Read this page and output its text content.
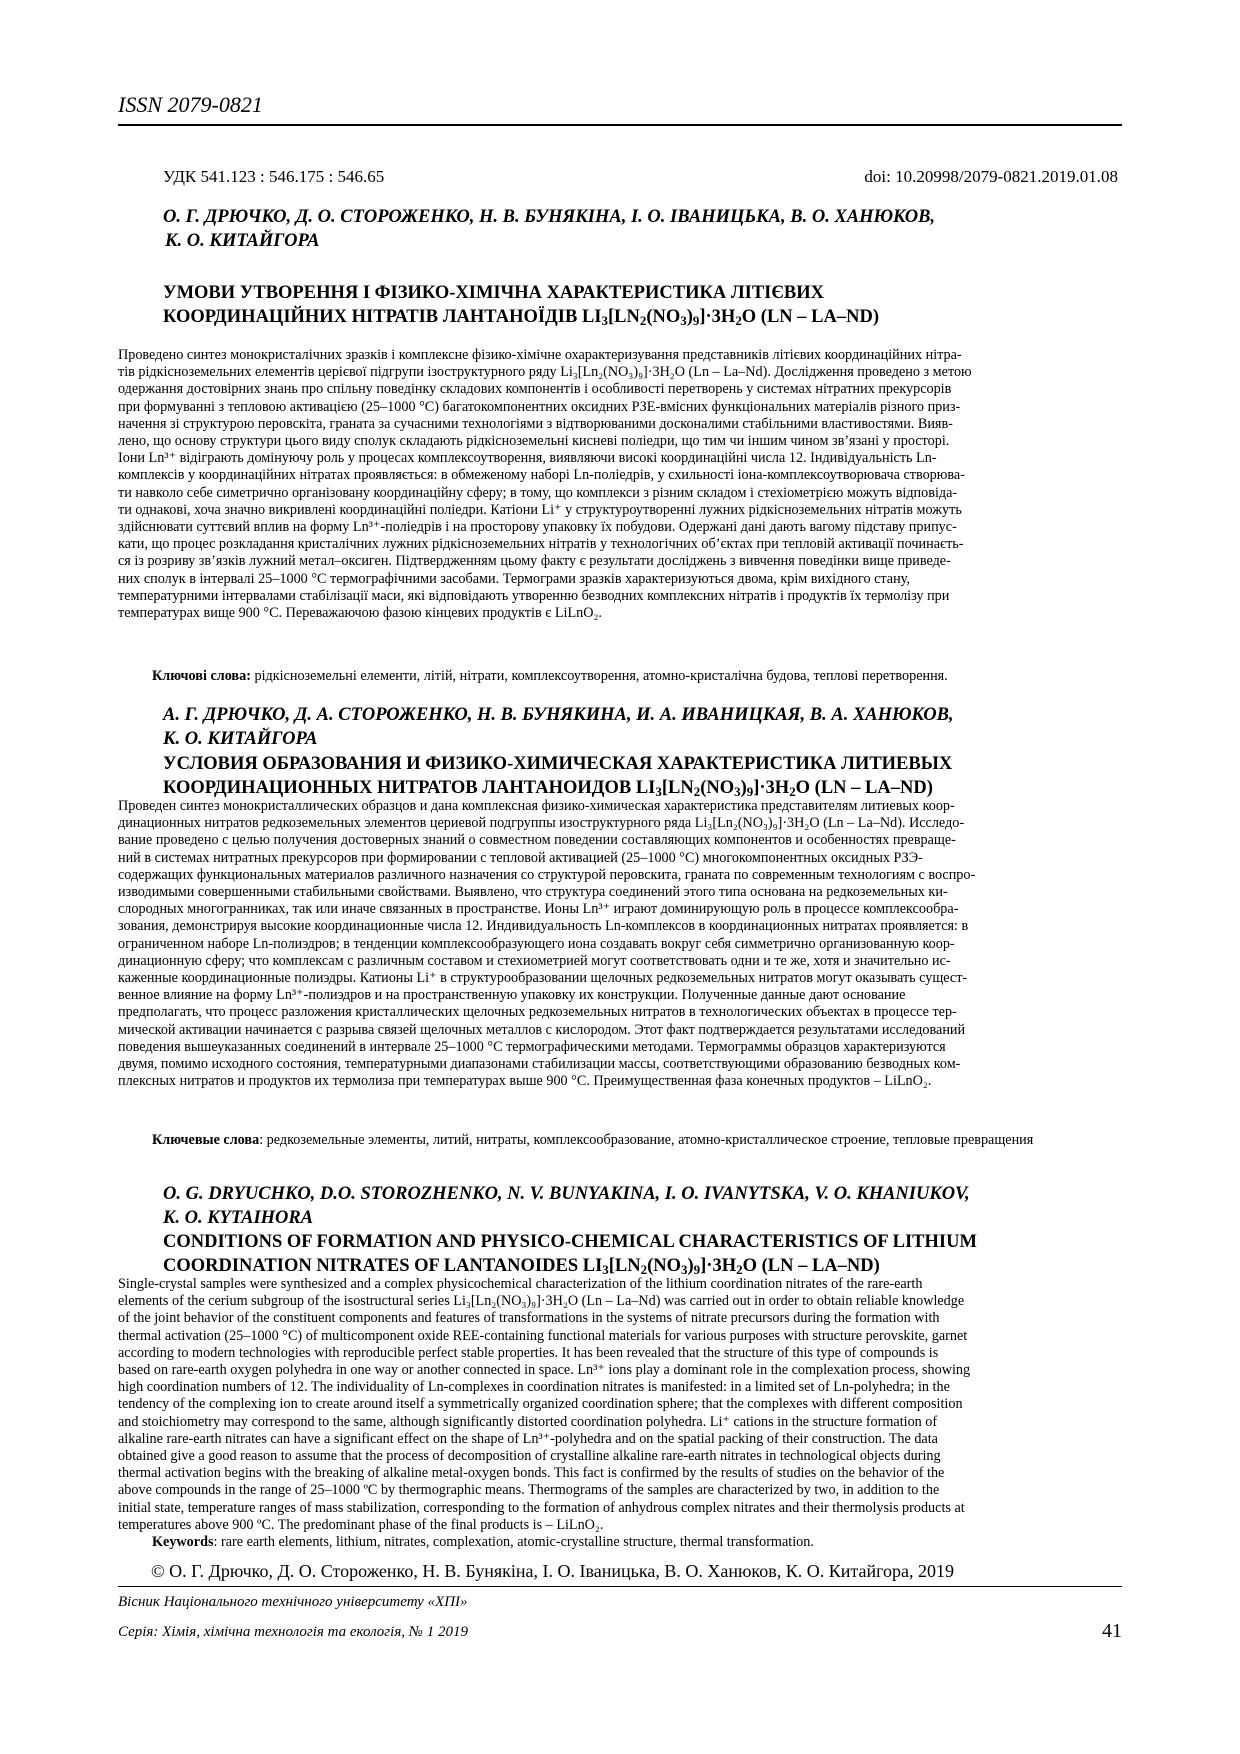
ISSN 2079-0821
УДК 541.123 : 546.175 : 546.65	doi: 10.20998/2079-0821.2019.01.08
О. Г. ДРЮЧКО, Д. О. СТОРОЖЕНКО, Н. В. БУНЯКІНА, І. О. ІВАНИЦЬКА, В. О. ХАНЮКОВ,
К. О. КИТАЙГОРА
УМОВИ УТВОРЕННЯ І ФІЗИКО-ХІМІЧНА ХАРАКТЕРИСТИКА ЛІТІЄВИХ
КООРДИНАЦІЙНИХ НІТРАТІВ ЛАНТАНОЇДІВ $LI_3[LN_2(NO_3)_9]\cdot 3H_2O$ (LN – LA–ND)

Проведено синтез монокристалічних зразків і комплексне фізико-хімічне охарактеризування представників літієвих координаційних нітра-

тів рідкісноземельних елементів церієвої підгрупи ізоструктурного ряду Li₃[Ln₂(NO₃)₉]·3H₂O (Ln – La–Nd). Дослідження проведено з метою

одержання достовірних знань про спільну поведінку складових компонентів і особливості перетворень у системах нітратних прекурсорів

при формуванні з тепловою активацією (25–1000 °С) багатокомпонентних оксидних РЗЕ-вмісних функціональних матеріалів різного приз-

начення зі структурою перовскіта, граната за сучасними технологіями з відтворюваними досконалими стабільними властивостями. Вияв-

лено, що основу структури цього виду сполук складають рідкісноземельні кисневі поліедри, що тим чи іншим чином зв’язані у просторі.

Іони Ln³⁺ відіграють домінуючу роль у процесах комплексоутворення, виявляючи високі координаційні числа 12. Індивідуальність Ln-

комплексів у координаційних нітратах проявляється: в обмеженому наборі Ln-поліедрів, у схильності іона-комплексоутворювача створюва-

ти навколо себе симетрично організовану координаційну сферу; в тому, що комплекси з різним складом і стехіометрією можуть відповіда-

ти однакові, хоча значно викривлені координаційні поліедри. Катіони Li⁺ у структуроутворенні лужних рідкісноземельних нітратів можуть

здійснювати суттєвий вплив на форму Ln³⁺-поліедрів і на просторову упаковку їх побудови. Одержані дані дають вагому підставу припус-

кати, що процес розкладання кристалічних лужних рідкісноземельних нітратів у технологічних об’єктах при тепловій активації починаєть-

ся із розриву зв’язків лужний метал–оксиген. Підтвердженням цьому факту є результати досліджень з вивчення поведінки вище приведе-

них сполук в інтервалі 25–1000 °С термографічними засобами. Термограми зразків характеризуються двома, крім вихідного стану,

температурними інтервалами стабілізації маси, які відповідають утворенню безводних комплексних нітратів і продуктів їх термолізу при

температурах вище 900 °С. Переважаючою фазою кінцевих продуктів є LiLnO₂.

Ключові слова: рідкісноземельні елементи, літій, нітрати, комплексоутворення, атомно-кристалічна будова, теплові перетворення.
А. Г. ДРЮЧКО, Д. А. СТОРОЖЕНКО, Н. В. БУНЯКИНА, И. А. ИВАНИЦКАЯ, В. А. ХАНЮКОВ,
К. О. КИТАЙГОРА
УСЛОВИЯ ОБРАЗОВАНИЯ И ФИЗИКО-ХИМИЧЕСКАЯ ХАРАКТЕРИСТИКА ЛИТИЕВЫХ
КООРДИНАЦИОННЫХ НИТРАТОВ ЛАНТАНОИДОВ $LI_3[LN_2(NO_3)_9]\cdot 3H_2O$ (LN – LA–ND)

Проведен синтез монокристаллических образцов и дана комплексная физико-химическая характеристика представителям литиевых коор-

динационных нитратов редкоземельных элементов цериевой подгруппы изоструктурного ряда Li₃[Ln₂(NO₃)₉]·3H₂O (Ln – La–Nd). Исследо-

вание проведено с целью получения достоверных знаний о совместном поведении составляющих компонентов и особенностях превраще-

ний в системах нитратных прекурсоров при формировании с тепловой активацией (25–1000 °С) многокомпонентных оксидных РЗЭ-

содержащих функциональных материалов различного назначения со структурой перовскита, граната по современным технологиям с воспро-

изводимыми совершенными стабильными свойствами. Выявлено, что структура соединений этого типа основана на редкоземельных ки-

слородных многогранниках, так или иначе связанных в пространстве. Ионы Ln³⁺ играют доминирующую роль в процессе комплексообра-

зования, демонстрируя высокие координационные числа 12. Индивидуальность Ln-комплексов в координационных нитратах проявляется: в

ограниченном наборе Ln-полиэдров; в тенденции комплексообразующего иона создавать вокруг себя симметрично организованную коор-

динационную сферу; что комплексам с различным составом и стехиометрией могут соответствовать одни и те же, хотя и значительно ис-

каженные координационные полиэдры. Катионы Li⁺ в структурообразовании щелочных редкоземельных нитратов могут оказывать сущест-

венное влияние на форму Ln³⁺-полиэдров и на пространственную упаковку их конструкции. Полученные данные дают основание

предполагать, что процесс разложения кристаллических щелочных редкоземельных нитратов в технологических объектах в процессе тер-

мической активации начинается с разрыва связей щелочных металлов с кислородом. Этот факт подтверждается результатами исследований

поведения вышеуказанных соединений в интервале 25–1000 °С термографическими методами. Термограммы образцов характеризуются

двумя, помимо исходного состояния, температурными диапазонами стабилизации массы, соответствующими образованию безводных ком-

плексных нитратов и продуктов их термолиза при температурах выше 900 °С. Преимущественная фаза конечных продуктов – LiLnO₂.

Ключевые слова: редкоземельные элементы, литий, нитраты, комплексообразование, атомно-кристаллическое строение, тепловые превращения
O. G. DRYUCHKO, D.O. STOROZHENKO, N. V. BUNYAKINA, I. O. IVANYTSKA, V. O. KHANIUKOV,
K. O. KYTAIHORA
CONDITIONS OF FORMATION AND PHYSICO-CHEMICAL CHARACTERISTICS OF LITHIUM
COORDINATION NITRATES OF LANTANOIDES $LI_3[LN_2(NO_3)_9]\cdot 3H_2O$ (LN – LA–ND)

Single-crystal samples were synthesized and a complex physicochemical characterization of the lithium coordination nitrates of the rare-earth

elements of the cerium subgroup of the isostructural series Li₃[Ln₂(NO₃)₉]·3H₂O (Ln – La–Nd) was carried out in order to obtain reliable knowledge

of the joint behavior of the constituent components and features of transformations in the systems of nitrate precursors during the formation with

thermal activation (25–1000 °C) of multicomponent oxide REE-containing functional materials for various purposes with structure perovskite, garnet

according to modern technologies with reproducible perfect stable properties. It has been revealed that the structure of this type of compounds is

based on rare-earth oxygen polyhedra in one way or another connected in space. Ln³⁺ ions play a dominant role in the complexation process, showing

high coordination numbers of 12. The individuality of Ln-complexes in coordination nitrates is manifested: in a limited set of Ln-polyhedra; in the

tendency of the complexing ion to create around itself a symmetrically organized coordination sphere; that the complexes with different composition

and stoichiometry may correspond to the same, although significantly distorted coordination polyhedra. Li⁺ cations in the structure formation of

alkaline rare-earth nitrates can have a significant effect on the shape of Ln³⁺-polyhedra and on the spatial packing of their construction. The data

obtained give a good reason to assume that the process of decomposition of crystalline alkaline rare-earth nitrates in technological objects during

thermal activation begins with the breaking of alkaline metal-oxygen bonds. This fact is confirmed by the results of studies on the behavior of the

above compounds in the range of 25–1000 ºC by thermographic means. Thermograms of the samples are characterized by two, in addition to the

initial state, temperature ranges of mass stabilization, corresponding to the formation of anhydrous complex nitrates and their thermolysis products at

temperatures above 900 ºC. The predominant phase of the final products is – LiLnO₂.

Keywords: rare earth elements, lithium, nitrates, complexation, atomic-crystalline structure, thermal transformation.
© О. Г. Дрючко, Д. О. Стороженко, Н. В. Бунякіна, І. О. Іваницька, В. О. Ханюков, К. О. Китайгора, 2019
Вісник Національного технічного університету «ХПІ»
Серія: Хімія, хімічна технологія та екологія, № 1 2019	41
